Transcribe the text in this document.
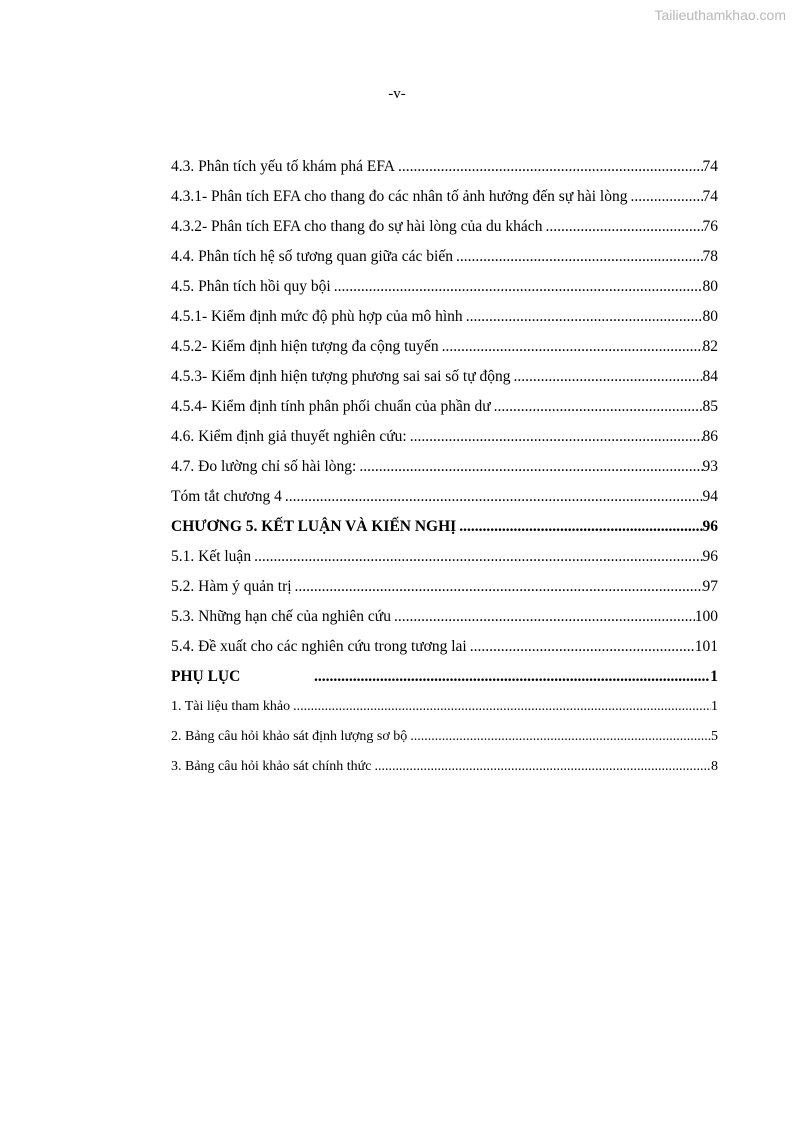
Tailieuthamkhao.com
-v-
4.3. Phân tích yếu tố khám phá EFA .....	74
4.3.1- Phân tích EFA cho thang đo các nhân tố ảnh hưởng đến sự hài lòng .....	74
4.3.2- Phân tích EFA cho thang đo sự hài lòng của du khách .....	76
4.4. Phân tích hệ số tương quan giữa các biến .....	78
4.5. Phân tích hồi quy bội .....	80
4.5.1- Kiểm định mức độ phù hợp của mô hình .....	80
4.5.2- Kiểm định hiện tượng đa cộng tuyến .....	82
4.5.3- Kiểm định hiện tượng phương sai sai số tự động .....	84
4.5.4- Kiểm định tính phân phối chuẩn của phần dư .....	85
4.6. Kiểm định giả thuyết nghiên cứu: .....	86
4.7. Đo lường chỉ số hài lòng: .....	93
Tóm tắt chương 4 .....	94
CHƯƠNG 5. KẾT LUẬN VÀ KIẾN NGHỊ .....	96
5.1. Kết luận .....	96
5.2. Hàm ý quản trị .....	97
5.3. Những hạn chế của nghiên cứu .....	100
5.4. Đề xuất cho các nghiên cứu trong tương lai .....	101
PHỤ LỤC .....	1
1. Tài liệu tham khảo .....	1
2. Bảng câu hỏi khảo sát định lượng sơ bộ .....	5
3. Bảng câu hỏi khảo sát chính thức .....	8
